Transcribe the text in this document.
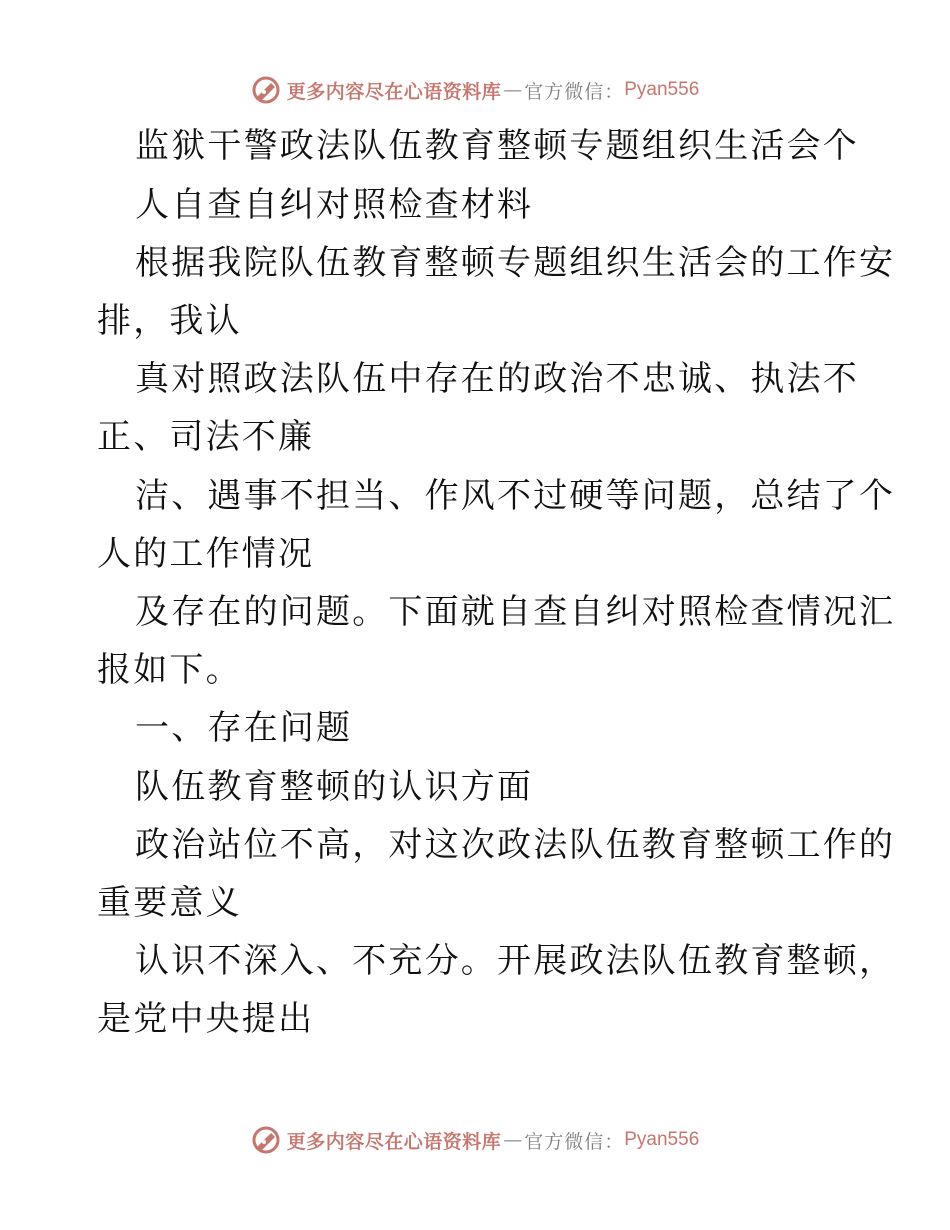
更多内容尽在心语资料库 — 官方微信： Pyan556
监狱干警政法队伍教育整顿专题组织生活会个
人自查自纠对照检查材料
根据我院队伍教育整顿专题组织生活会的工作安
排，我认
真对照政法队伍中存在的政治不忠诚、执法不
正、司法不廉
洁、遇事不担当、作风不过硬等问题，总结了个
人的工作情况
及存在的问题。下面就自查自纠对照检查情况汇
报如下。
一、存在问题
队伍教育整顿的认识方面
政治站位不高，对这次政法队伍教育整顿工作的
重要意义
认识不深入、不充分。开展政法队伍教育整顿，
是党中央提出
更多内容尽在心语资料库 — 官方微信： Pyan556
